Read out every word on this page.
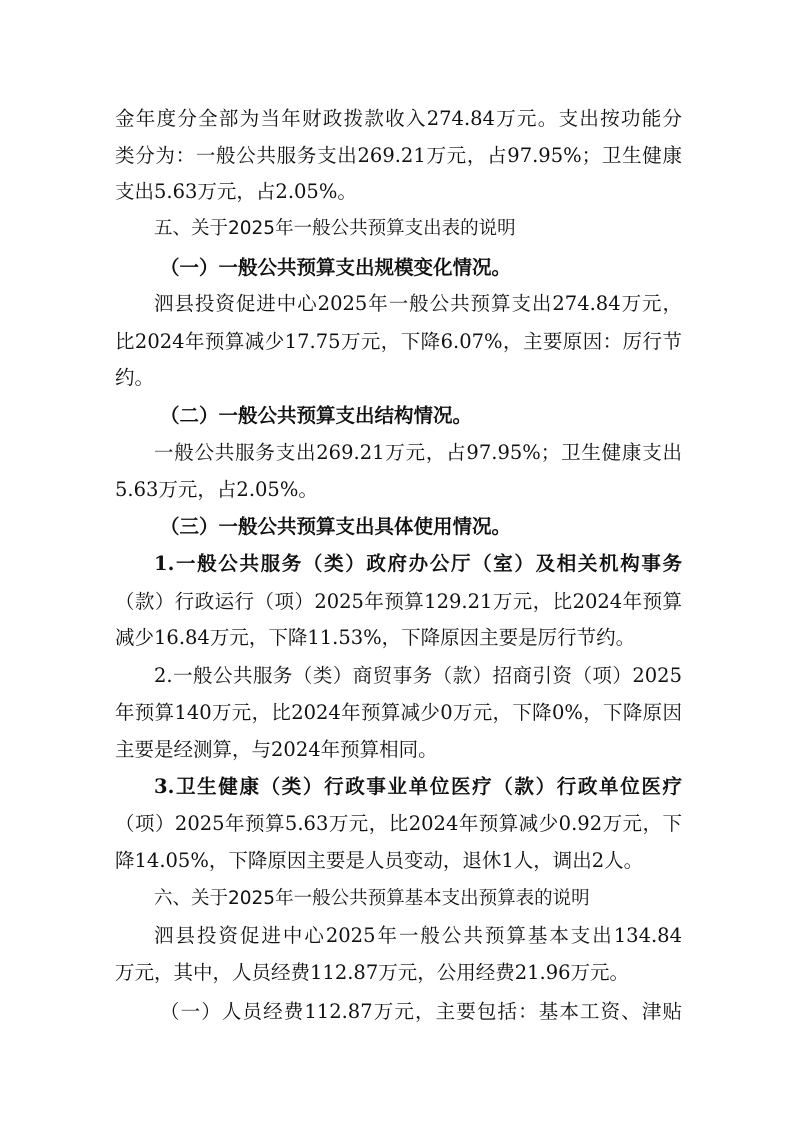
金年度分全部为当年财政拨款收入274.84万元。支出按功能分
类分为：一般公共服务支出269.21万元，占97.95%；卫生健康
支出5.63万元，占2.05%。
五、关于2025年一般公共预算支出表的说明
（一）一般公共预算支出规模变化情况。
泗县投资促进中心2025年一般公共预算支出274.84万元，
比2024年预算减少17.75万元，下降6.07%，主要原因：厉行节
约。
（二）一般公共预算支出结构情况。
一般公共服务支出269.21万元，占97.95%；卫生健康支出
5.63万元，占2.05%。
（三）一般公共预算支出具体使用情况。
1.一般公共服务（类）政府办公厅（室）及相关机构事务
（款）行政运行（项）2025年预算129.21万元，比2024年预算
减少16.84万元，下降11.53%，下降原因主要是厉行节约。
2.一般公共服务（类）商贸事务（款）招商引资（项）2025
年预算140万元，比2024年预算减少0万元，下降0%，下降原因
主要是经测算，与2024年预算相同。
3.卫生健康（类）行政事业单位医疗（款）行政单位医疗
（项）2025年预算5.63万元，比2024年预算减少0.92万元，下
降14.05%，下降原因主要是人员变动，退休1人，调出2人。
六、关于2025年一般公共预算基本支出预算表的说明
泗县投资促进中心2025年一般公共预算基本支出134.84
万元，其中，人员经费112.87万元，公用经费21.96万元。
（一）人员经费112.87万元，主要包括：基本工资、津贴
